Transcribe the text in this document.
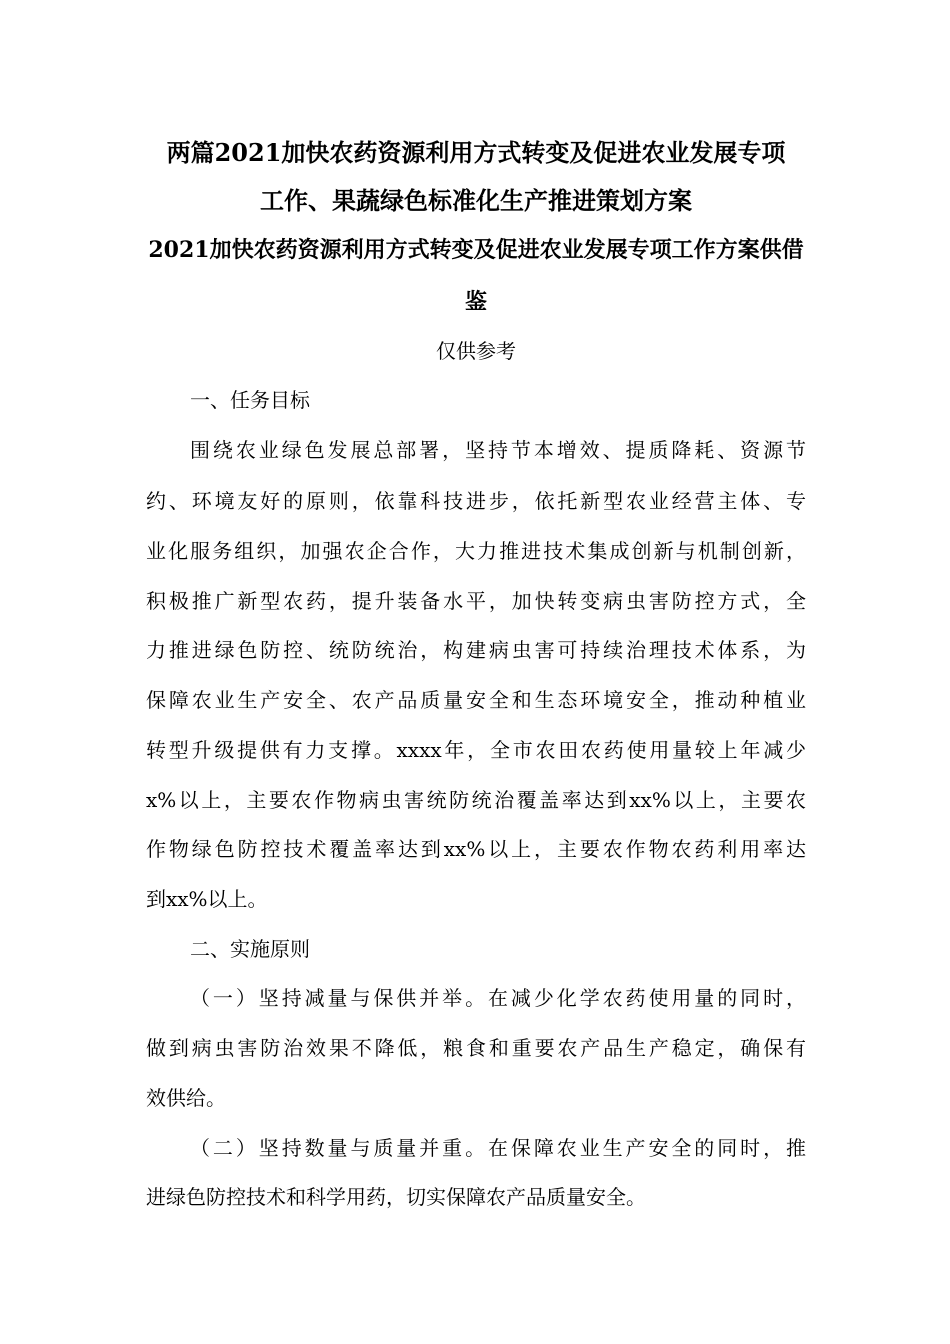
两篇2021加快农药资源利用方式转变及促进农业发展专项
工作、果蔬绿色标准化生产推进策划方案
2021加快农药资源利用方式转变及促进农业发展专项工作方案供借
鉴
仅供参考
一、任务目标
围绕农业绿色发展总部署，坚持节本增效、提质降耗、资源节
约、环境友好的原则，依靠科技进步，依托新型农业经营主体、专
业化服务组织，加强农企合作，大力推进技术集成创新与机制创新，
积极推广新型农药，提升装备水平，加快转变病虫害防控方式，全
力推进绿色防控、统防统治，构建病虫害可持续治理技术体系，为
保障农业生产安全、农产品质量安全和生态环境安全，推动种植业
转型升级提供有力支撑。xxxx年，全市农田农药使用量较上年减少
x%以上，主要农作物病虫害统防统治覆盖率达到xx%以上，主要农
作物绿色防控技术覆盖率达到xx%以上，主要农作物农药利用率达
到xx%以上。
二、实施原则
（一）坚持减量与保供并举。在减少化学农药使用量的同时，
做到病虫害防治效果不降低，粮食和重要农产品生产稳定，确保有
效供给。
（二）坚持数量与质量并重。在保障农业生产安全的同时，推
进绿色防控技术和科学用药，切实保障农产品质量安全。
